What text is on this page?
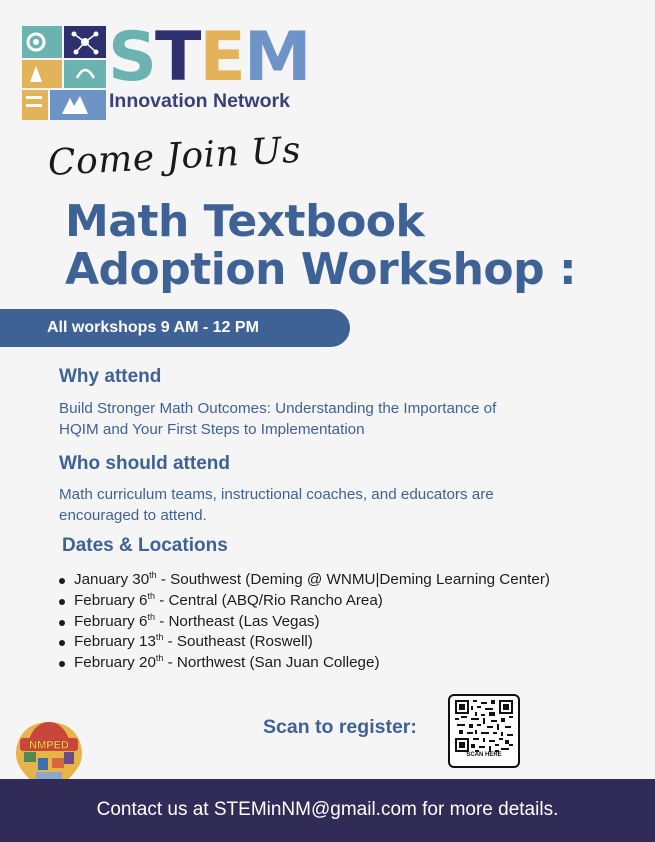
STEM
Innovation Network
Come Join Us
Math Textbook
Adoption Workshop :
All workshops 9 AM - 12 PM
Why attend
Build Stronger Math Outcomes: Understanding the Importance of
HQIM and Your First Steps to Implementation
Who should attend
Math curriculum teams, instructional coaches, and educators are
encouraged to attend.
Dates & Locations
January 30th - Southwest (Deming @ WNMU|Deming Learning Center)
February 6th - Central (ABQ/Rio Rancho Area)
February 6th - Northeast (Las Vegas)
February 13th - Southeast (Roswell)
February 20th - Northwest (San Juan College)
NMPED
Scan to register:
SCAN HERE
Contact us at STEMinNM@gmail.com for more details.
